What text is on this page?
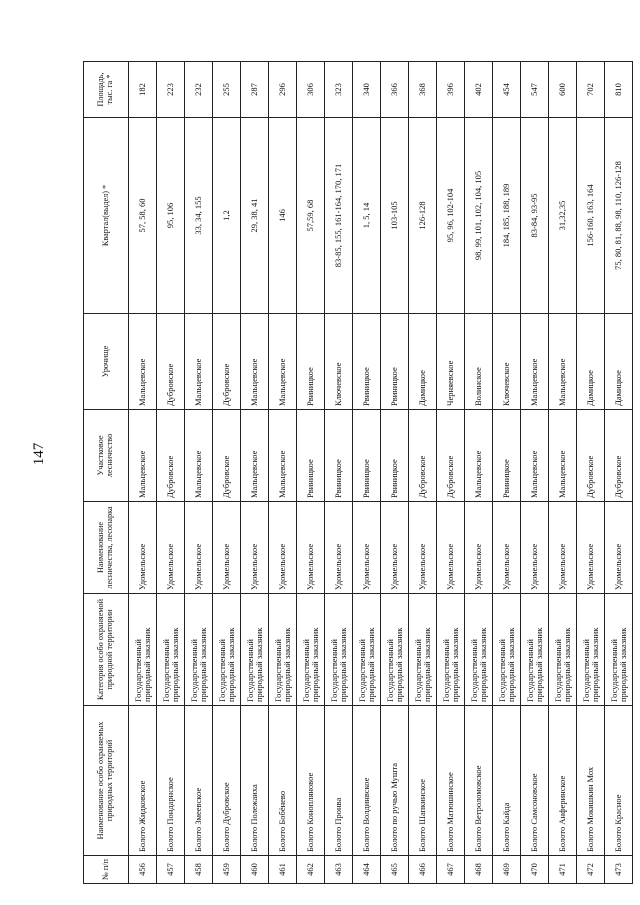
147
№ п/п	Наименование особо охраняемых природных территорий	Категория особо охраняемой природной территории	Наименование лесничества, лесопарка	Участковое лесничество	Урочище	Квартал(выдел) *	Площадь, тыс. га *
456	Болото Жидковское	Государственный природный заказник	Удомельское	Мальцевское	Мальцевское	57, 58, 60	182
457	Болото Пондарнское	Государственный природный заказник	Удомельское	Дубровское	Дубровское	95, 106	223
458	Болото Змеевское	Государственный природный заказник	Удомельское	Мальцевское	Мальцевское	33, 34, 155	232
459	Болото Дубровское	Государственный природный заказник	Удомельское	Дубровское	Дубровское	1,2	255
460	Болото Полежаиха	Государственный природный заказник	Удомельское	Мальцевское	Мальцевское	29, 38, 41	287
461	Болото Бобёнево	Государственный природный заказник	Удомельское	Мальцевское	Мальцевское	146	296
462	Болото Конопляновое	Государственный природный заказник	Удомельское	Рвиницкое	Рвиницкое	57,59, 68	306
463	Болото Пронва	Государственный природный заказник	Удомельское	Рвиницкое	Ключевское	83-85, 155, 161-164, 170, 171	323
464	Болото Волдинвское	Государственный природный заказник	Удомельское	Рвиницкое	Рвиницкое	1, 5, 14	340
465	Болото по ручью Мушта	Государственный природный заказник	Удомельское	Рвиницкое	Рвиницкое	103-105	366
466	Болото Шапкинское	Государственный природный заказник	Удомельское	Дубровское	Дамицкое	126-128	368
467	Болото Матюшинское	Государственный природный заказник	Удомельское	Дубровское	Черняевское	95, 96, 102-104	396
468	Болото Ветроломовское	Государственный природный заказник	Удомельское	Мальцевское	Волинское	98, 99, 101, 102, 104, 105	402
469	Болото Кайда	Государственный природный заказник	Удомельское	Рвиницкое	Ключевское	184, 185, 188, 189	454
470	Болото Самсоновское	Государственный природный заказник	Удомельское	Мальцевское	Мальцевское	83-84, 93-95	547
471	Болото Анферинское	Государственный природный заказник	Удомельское	Мальцевское	Мальцевское	31,32,35	600
472	Болото Мокишкин Мох	Государственный природный заказник	Удомельское	Дубровское	Дамицкое	156-160, 163, 164	702
473	Болото Красное	Государственный природный заказник	Удомельское	Дубровское	Дамицкое	75, 80, 81, 88, 98, 110, 126-128	810
